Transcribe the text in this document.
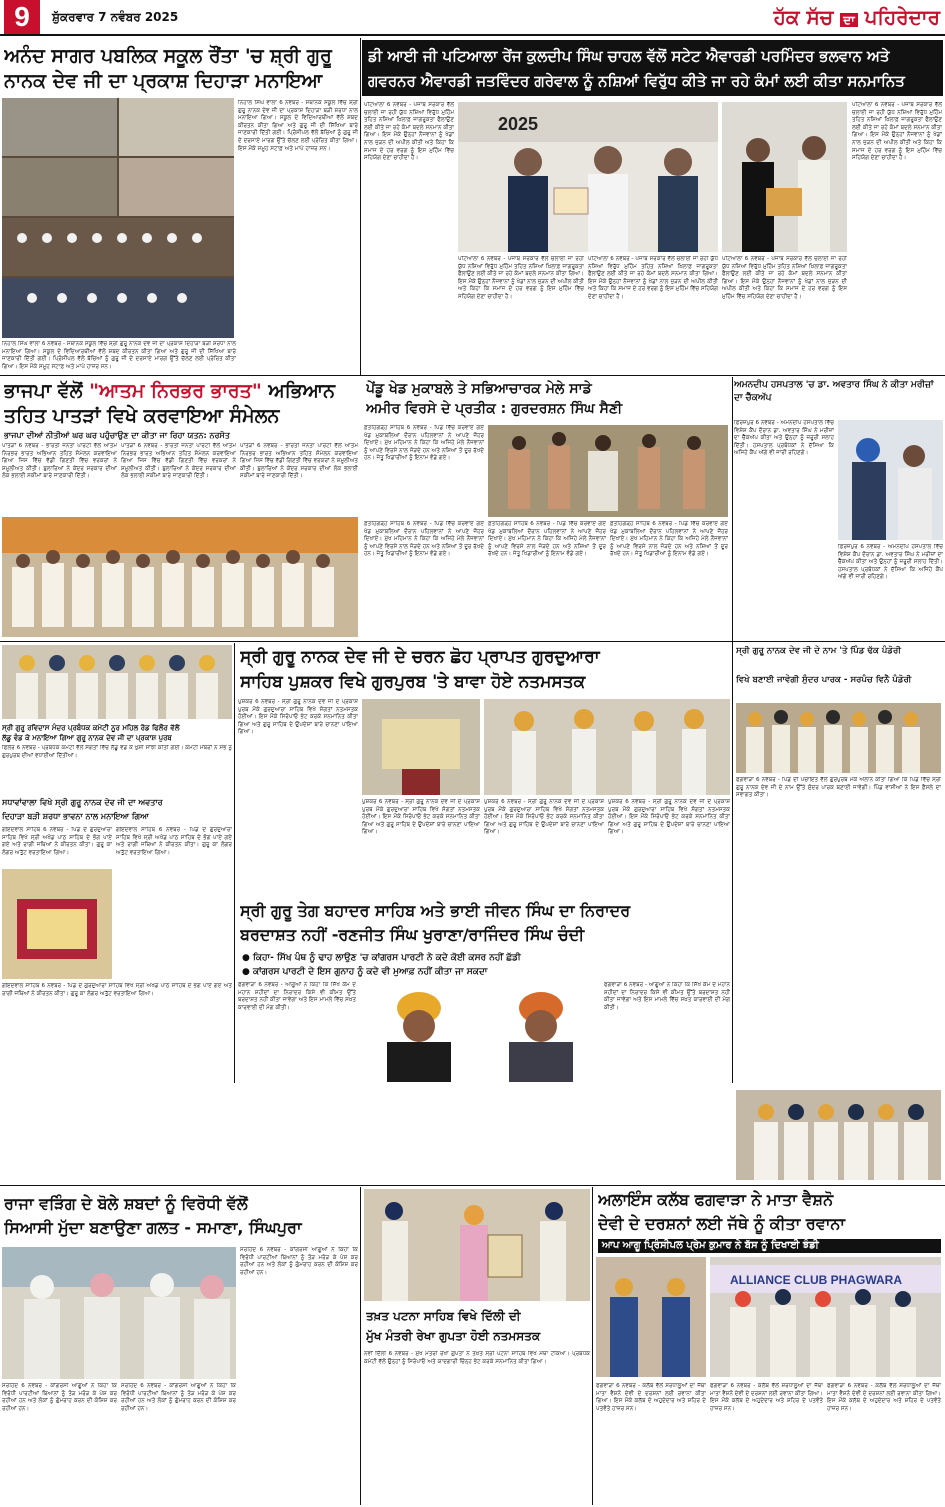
9	ਸ਼ੁੱਕਰਵਾਰ 7 ਨਵੰਬਰ 2025	ਹੱਕ ਸੱਚ ਦਾ ਪਹਿਰੇਦਾਰ
ਅਨੰਦ ਸਾਗਰ ਪਬਲਿਕ ਸਕੂਲ ਰੌਂਤਾ 'ਚ ਸ਼੍ਰੀ ਗੁਰੂ
ਨਾਨਕ ਦੇਵ ਜੀ ਦਾ ਪ੍ਰਕਾਸ਼ ਦਿਹਾੜਾ ਮਨਾਇਆ
ਨਿਹਾਲ ਸਿੰਘ ਵਾਲਾ 6 ਨਵੰਬਰ - ਸਥਾਨਕ ਸਕੂਲ ਵਿੱਚ ਸ਼੍ਰੀ ਗੁਰੂ ਨਾਨਕ ਦੇਵ ਜੀ ਦਾ ਪ੍ਰਕਾਸ਼ ਦਿਹਾੜਾ ਬੜੀ ਸ਼ਰਧਾ ਨਾਲ ਮਨਾਇਆ ਗਿਆ। ਸਕੂਲ ਦੇ ਵਿਦਿਆਰਥੀਆਂ ਵੱਲੋਂ ਸ਼ਬਦ ਕੀਰਤਨ ਕੀਤਾ ਗਿਆ ਅਤੇ ਗੁਰੂ ਜੀ ਦੀ ਸਿੱਖਿਆ ਬਾਰੇ ਜਾਣਕਾਰੀ ਦਿੱਤੀ ਗਈ। ਪ੍ਰਿੰਸੀਪਲ ਵੱਲੋਂ ਬੱਚਿਆਂ ਨੂੰ ਗੁਰੂ ਜੀ ਦੇ ਦਰਸਾਏ ਮਾਰਗ ਉੱਤੇ ਚੱਲਣ ਲਈ ਪ੍ਰੇਰਿਤ ਕੀਤਾ ਗਿਆ। ਇਸ ਮੌਕੇ ਸਮੂਹ ਸਟਾਫ਼ ਅਤੇ ਮਾਪੇ ਹਾਜ਼ਰ ਸਨ।
ਨਿਹਾਲ ਸਿੰਘ ਵਾਲਾ 6 ਨਵੰਬਰ - ਸਥਾਨਕ ਸਕੂਲ ਵਿੱਚ ਸ਼੍ਰੀ ਗੁਰੂ ਨਾਨਕ ਦੇਵ ਜੀ ਦਾ ਪ੍ਰਕਾਸ਼ ਦਿਹਾੜਾ ਬੜੀ ਸ਼ਰਧਾ ਨਾਲ ਮਨਾਇਆ ਗਿਆ। ਸਕੂਲ ਦੇ ਵਿਦਿਆਰਥੀਆਂ ਵੱਲੋਂ ਸ਼ਬਦ ਕੀਰਤਨ ਕੀਤਾ ਗਿਆ ਅਤੇ ਗੁਰੂ ਜੀ ਦੀ ਸਿੱਖਿਆ ਬਾਰੇ ਜਾਣਕਾਰੀ ਦਿੱਤੀ ਗਈ। ਪ੍ਰਿੰਸੀਪਲ ਵੱਲੋਂ ਬੱਚਿਆਂ ਨੂੰ ਗੁਰੂ ਜੀ ਦੇ ਦਰਸਾਏ ਮਾਰਗ ਉੱਤੇ ਚੱਲਣ ਲਈ ਪ੍ਰੇਰਿਤ ਕੀਤਾ ਗਿਆ। ਇਸ ਮੌਕੇ ਸਮੂਹ ਸਟਾਫ਼ ਅਤੇ ਮਾਪੇ ਹਾਜ਼ਰ ਸਨ।
ਡੀ ਆਈ ਜੀ ਪਟਿਆਲਾ ਰੇਂਜ ਕੁਲਦੀਪ ਸਿੰਘ ਚਾਹਲ ਵੱਲੋਂ ਸਟੇਟ ਐਵਾਰਡੀ ਪਰਮਿੰਦਰ ਭਲਵਾਨ ਅਤੇ
ਗਵਰਨਰ ਐਵਾਰਡੀ ਜਤਵਿੰਦਰ ਗਰੇਵਾਲ ਨੂੰ ਨਸ਼ਿਆਂ ਵਿਰੁੱਧ ਕੀਤੇ ਜਾ ਰਹੇ ਕੰਮਾਂ ਲਈ ਕੀਤਾ ਸਨਮਾਨਿਤ
ਪਟਿਆਲਾ 6 ਨਵੰਬਰ - ਪੰਜਾਬ ਸਰਕਾਰ ਵੱਲੋਂ ਚਲਾਈ ਜਾ ਰਹੀ ਯੁੱਧ ਨਸ਼ਿਆਂ ਵਿਰੁੱਧ ਮੁਹਿੰਮ ਤਹਿਤ ਨਸ਼ਿਆਂ ਖ਼ਿਲਾਫ਼ ਜਾਗਰੂਕਤਾ ਫੈਲਾਉਣ ਲਈ ਕੀਤੇ ਜਾ ਰਹੇ ਕੰਮਾਂ ਬਦਲੇ ਸਨਮਾਨ ਕੀਤਾ ਗਿਆ। ਇਸ ਮੌਕੇ ਉਨ੍ਹਾਂ ਨੌਜਵਾਨਾਂ ਨੂੰ ਖੇਡਾਂ ਨਾਲ ਜੁੜਨ ਦੀ ਅਪੀਲ ਕੀਤੀ ਅਤੇ ਕਿਹਾ ਕਿ ਸਮਾਜ ਦੇ ਹਰ ਵਰਗ ਨੂੰ ਇਸ ਮੁਹਿੰਮ ਵਿੱਚ ਸਹਿਯੋਗ ਦੇਣਾ ਚਾਹੀਦਾ ਹੈ।
2025
ਪਟਿਆਲਾ 6 ਨਵੰਬਰ - ਪੰਜਾਬ ਸਰਕਾਰ ਵੱਲੋਂ ਚਲਾਈ ਜਾ ਰਹੀ ਯੁੱਧ ਨਸ਼ਿਆਂ ਵਿਰੁੱਧ ਮੁਹਿੰਮ ਤਹਿਤ ਨਸ਼ਿਆਂ ਖ਼ਿਲਾਫ਼ ਜਾਗਰੂਕਤਾ ਫੈਲਾਉਣ ਲਈ ਕੀਤੇ ਜਾ ਰਹੇ ਕੰਮਾਂ ਬਦਲੇ ਸਨਮਾਨ ਕੀਤਾ ਗਿਆ। ਇਸ ਮੌਕੇ ਉਨ੍ਹਾਂ ਨੌਜਵਾਨਾਂ ਨੂੰ ਖੇਡਾਂ ਨਾਲ ਜੁੜਨ ਦੀ ਅਪੀਲ ਕੀਤੀ ਅਤੇ ਕਿਹਾ ਕਿ ਸਮਾਜ ਦੇ ਹਰ ਵਰਗ ਨੂੰ ਇਸ ਮੁਹਿੰਮ ਵਿੱਚ ਸਹਿਯੋਗ ਦੇਣਾ ਚਾਹੀਦਾ ਹੈ।
ਪਟਿਆਲਾ 6 ਨਵੰਬਰ - ਪੰਜਾਬ ਸਰਕਾਰ ਵੱਲੋਂ ਚਲਾਈ ਜਾ ਰਹੀ ਯੁੱਧ ਨਸ਼ਿਆਂ ਵਿਰੁੱਧ ਮੁਹਿੰਮ ਤਹਿਤ ਨਸ਼ਿਆਂ ਖ਼ਿਲਾਫ਼ ਜਾਗਰੂਕਤਾ ਫੈਲਾਉਣ ਲਈ ਕੀਤੇ ਜਾ ਰਹੇ ਕੰਮਾਂ ਬਦਲੇ ਸਨਮਾਨ ਕੀਤਾ ਗਿਆ। ਇਸ ਮੌਕੇ ਉਨ੍ਹਾਂ ਨੌਜਵਾਨਾਂ ਨੂੰ ਖੇਡਾਂ ਨਾਲ ਜੁੜਨ ਦੀ ਅਪੀਲ ਕੀਤੀ ਅਤੇ ਕਿਹਾ ਕਿ ਸਮਾਜ ਦੇ ਹਰ ਵਰਗ ਨੂੰ ਇਸ ਮੁਹਿੰਮ ਵਿੱਚ ਸਹਿਯੋਗ ਦੇਣਾ ਚਾਹੀਦਾ ਹੈ।
ਪਟਿਆਲਾ 6 ਨਵੰਬਰ - ਪੰਜਾਬ ਸਰਕਾਰ ਵੱਲੋਂ ਚਲਾਈ ਜਾ ਰਹੀ ਯੁੱਧ ਨਸ਼ਿਆਂ ਵਿਰੁੱਧ ਮੁਹਿੰਮ ਤਹਿਤ ਨਸ਼ਿਆਂ ਖ਼ਿਲਾਫ਼ ਜਾਗਰੂਕਤਾ ਫੈਲਾਉਣ ਲਈ ਕੀਤੇ ਜਾ ਰਹੇ ਕੰਮਾਂ ਬਦਲੇ ਸਨਮਾਨ ਕੀਤਾ ਗਿਆ। ਇਸ ਮੌਕੇ ਉਨ੍ਹਾਂ ਨੌਜਵਾਨਾਂ ਨੂੰ ਖੇਡਾਂ ਨਾਲ ਜੁੜਨ ਦੀ ਅਪੀਲ ਕੀਤੀ ਅਤੇ ਕਿਹਾ ਕਿ ਸਮਾਜ ਦੇ ਹਰ ਵਰਗ ਨੂੰ ਇਸ ਮੁਹਿੰਮ ਵਿੱਚ ਸਹਿਯੋਗ ਦੇਣਾ ਚਾਹੀਦਾ ਹੈ।
ਪਟਿਆਲਾ 6 ਨਵੰਬਰ - ਪੰਜਾਬ ਸਰਕਾਰ ਵੱਲੋਂ ਚਲਾਈ ਜਾ ਰਹੀ ਯੁੱਧ ਨਸ਼ਿਆਂ ਵਿਰੁੱਧ ਮੁਹਿੰਮ ਤਹਿਤ ਨਸ਼ਿਆਂ ਖ਼ਿਲਾਫ਼ ਜਾਗਰੂਕਤਾ ਫੈਲਾਉਣ ਲਈ ਕੀਤੇ ਜਾ ਰਹੇ ਕੰਮਾਂ ਬਦਲੇ ਸਨਮਾਨ ਕੀਤਾ ਗਿਆ। ਇਸ ਮੌਕੇ ਉਨ੍ਹਾਂ ਨੌਜਵਾਨਾਂ ਨੂੰ ਖੇਡਾਂ ਨਾਲ ਜੁੜਨ ਦੀ ਅਪੀਲ ਕੀਤੀ ਅਤੇ ਕਿਹਾ ਕਿ ਸਮਾਜ ਦੇ ਹਰ ਵਰਗ ਨੂੰ ਇਸ ਮੁਹਿੰਮ ਵਿੱਚ ਸਹਿਯੋਗ ਦੇਣਾ ਚਾਹੀਦਾ ਹੈ।
ਭਾਜਪਾ ਵੱਲੋਂ "ਆਤਮ ਨਿਰਭਰ ਭਾਰਤ" ਅਭਿਆਨ
ਤਹਿਤ ਪਾਤੜਾਂ ਵਿਖੇ ਕਰਵਾਇਆ ਸੰਮੇਲਨ
ਭਾਜਪਾ ਦੀਆਂ ਨੀਤੀਆਂ ਘਰ ਘਰ ਪਹੁੰਚਾਉਣ ਦਾ ਕੀਤਾ ਜਾ ਰਿਹਾ ਯਤਨ: ਨਰਸੋਤ
ਪਾਤੜਾਂ 6 ਨਵੰਬਰ - ਭਾਰਤੀ ਜਨਤਾ ਪਾਰਟੀ ਵੱਲੋਂ ਆਤਮ ਨਿਰਭਰ ਭਾਰਤ ਅਭਿਆਨ ਤਹਿਤ ਸੰਮੇਲਨ ਕਰਵਾਇਆ ਗਿਆ ਜਿਸ ਵਿੱਚ ਵੱਡੀ ਗਿਣਤੀ ਵਿੱਚ ਵਰਕਰਾਂ ਨੇ ਸ਼ਮੂਲੀਅਤ ਕੀਤੀ। ਬੁਲਾਰਿਆਂ ਨੇ ਕੇਂਦਰ ਸਰਕਾਰ ਦੀਆਂ ਲੋਕ ਭਲਾਈ ਸਕੀਮਾਂ ਬਾਰੇ ਜਾਣਕਾਰੀ ਦਿੱਤੀ।
ਪਾਤੜਾਂ 6 ਨਵੰਬਰ - ਭਾਰਤੀ ਜਨਤਾ ਪਾਰਟੀ ਵੱਲੋਂ ਆਤਮ ਨਿਰਭਰ ਭਾਰਤ ਅਭਿਆਨ ਤਹਿਤ ਸੰਮੇਲਨ ਕਰਵਾਇਆ ਗਿਆ ਜਿਸ ਵਿੱਚ ਵੱਡੀ ਗਿਣਤੀ ਵਿੱਚ ਵਰਕਰਾਂ ਨੇ ਸ਼ਮੂਲੀਅਤ ਕੀਤੀ। ਬੁਲਾਰਿਆਂ ਨੇ ਕੇਂਦਰ ਸਰਕਾਰ ਦੀਆਂ ਲੋਕ ਭਲਾਈ ਸਕੀਮਾਂ ਬਾਰੇ ਜਾਣਕਾਰੀ ਦਿੱਤੀ।
ਪਾਤੜਾਂ 6 ਨਵੰਬਰ - ਭਾਰਤੀ ਜਨਤਾ ਪਾਰਟੀ ਵੱਲੋਂ ਆਤਮ ਨਿਰਭਰ ਭਾਰਤ ਅਭਿਆਨ ਤਹਿਤ ਸੰਮੇਲਨ ਕਰਵਾਇਆ ਗਿਆ ਜਿਸ ਵਿੱਚ ਵੱਡੀ ਗਿਣਤੀ ਵਿੱਚ ਵਰਕਰਾਂ ਨੇ ਸ਼ਮੂਲੀਅਤ ਕੀਤੀ। ਬੁਲਾਰਿਆਂ ਨੇ ਕੇਂਦਰ ਸਰਕਾਰ ਦੀਆਂ ਲੋਕ ਭਲਾਈ ਸਕੀਮਾਂ ਬਾਰੇ ਜਾਣਕਾਰੀ ਦਿੱਤੀ।
ਪੇਂਡੂ ਖੇਡ ਮੁਕਾਬਲੇ ਤੇ ਸਭਿਆਚਾਰਕ ਮੇਲੇ ਸਾਡੇ
ਅਮੀਰ ਵਿਰਸੇ ਦੇ ਪ੍ਰਤੀਕ : ਗੁਰਦਰਸ਼ਨ ਸਿੰਘ ਸੈਣੀ
ਫ਼ਤਹਿਗੜ੍ਹ ਸਾਹਿਬ 6 ਨਵੰਬਰ - ਪਿੰਡ ਵਿੱਚ ਕਰਵਾਏ ਗਏ ਖੇਡ ਮੁਕਾਬਲਿਆਂ ਦੌਰਾਨ ਪਹਿਲਵਾਨਾਂ ਨੇ ਆਪਣੇ ਜੌਹਰ ਦਿਖਾਏ। ਮੁੱਖ ਮਹਿਮਾਨ ਨੇ ਕਿਹਾ ਕਿ ਅਜਿਹੇ ਮੇਲੇ ਨੌਜਵਾਨਾਂ ਨੂੰ ਆਪਣੇ ਵਿਰਸੇ ਨਾਲ ਜੋੜਦੇ ਹਨ ਅਤੇ ਨਸ਼ਿਆਂ ਤੋਂ ਦੂਰ ਰੱਖਦੇ ਹਨ। ਜੇਤੂ ਖਿਡਾਰੀਆਂ ਨੂੰ ਇਨਾਮ ਵੰਡੇ ਗਏ।
ਫ਼ਤਹਿਗੜ੍ਹ ਸਾਹਿਬ 6 ਨਵੰਬਰ - ਪਿੰਡ ਵਿੱਚ ਕਰਵਾਏ ਗਏ ਖੇਡ ਮੁਕਾਬਲਿਆਂ ਦੌਰਾਨ ਪਹਿਲਵਾਨਾਂ ਨੇ ਆਪਣੇ ਜੌਹਰ ਦਿਖਾਏ। ਮੁੱਖ ਮਹਿਮਾਨ ਨੇ ਕਿਹਾ ਕਿ ਅਜਿਹੇ ਮੇਲੇ ਨੌਜਵਾਨਾਂ ਨੂੰ ਆਪਣੇ ਵਿਰਸੇ ਨਾਲ ਜੋੜਦੇ ਹਨ ਅਤੇ ਨਸ਼ਿਆਂ ਤੋਂ ਦੂਰ ਰੱਖਦੇ ਹਨ। ਜੇਤੂ ਖਿਡਾਰੀਆਂ ਨੂੰ ਇਨਾਮ ਵੰਡੇ ਗਏ।
ਫ਼ਤਹਿਗੜ੍ਹ ਸਾਹਿਬ 6 ਨਵੰਬਰ - ਪਿੰਡ ਵਿੱਚ ਕਰਵਾਏ ਗਏ ਖੇਡ ਮੁਕਾਬਲਿਆਂ ਦੌਰਾਨ ਪਹਿਲਵਾਨਾਂ ਨੇ ਆਪਣੇ ਜੌਹਰ ਦਿਖਾਏ। ਮੁੱਖ ਮਹਿਮਾਨ ਨੇ ਕਿਹਾ ਕਿ ਅਜਿਹੇ ਮੇਲੇ ਨੌਜਵਾਨਾਂ ਨੂੰ ਆਪਣੇ ਵਿਰਸੇ ਨਾਲ ਜੋੜਦੇ ਹਨ ਅਤੇ ਨਸ਼ਿਆਂ ਤੋਂ ਦੂਰ ਰੱਖਦੇ ਹਨ। ਜੇਤੂ ਖਿਡਾਰੀਆਂ ਨੂੰ ਇਨਾਮ ਵੰਡੇ ਗਏ।
ਫ਼ਤਹਿਗੜ੍ਹ ਸਾਹਿਬ 6 ਨਵੰਬਰ - ਪਿੰਡ ਵਿੱਚ ਕਰਵਾਏ ਗਏ ਖੇਡ ਮੁਕਾਬਲਿਆਂ ਦੌਰਾਨ ਪਹਿਲਵਾਨਾਂ ਨੇ ਆਪਣੇ ਜੌਹਰ ਦਿਖਾਏ। ਮੁੱਖ ਮਹਿਮਾਨ ਨੇ ਕਿਹਾ ਕਿ ਅਜਿਹੇ ਮੇਲੇ ਨੌਜਵਾਨਾਂ ਨੂੰ ਆਪਣੇ ਵਿਰਸੇ ਨਾਲ ਜੋੜਦੇ ਹਨ ਅਤੇ ਨਸ਼ਿਆਂ ਤੋਂ ਦੂਰ ਰੱਖਦੇ ਹਨ। ਜੇਤੂ ਖਿਡਾਰੀਆਂ ਨੂੰ ਇਨਾਮ ਵੰਡੇ ਗਏ।
ਅਮਨਦੀਪ ਹਸਪਤਾਲ 'ਚ ਡਾ. ਅਵਤਾਰ ਸਿੰਘ ਨੇ ਕੀਤਾ ਮਰੀਜ਼ਾਂ ਦਾ ਚੈੱਕਅੱਪ
ਫ਼ਿਰੋਜ਼ਪੁਰ 6 ਨਵੰਬਰ - ਅਮਨਦੀਪ ਹਸਪਤਾਲ ਵਿੱਚ ਵਿਸ਼ੇਸ਼ ਕੈਂਪ ਦੌਰਾਨ ਡਾ. ਅਵਤਾਰ ਸਿੰਘ ਨੇ ਮਰੀਜ਼ਾਂ ਦਾ ਚੈੱਕਅੱਪ ਕੀਤਾ ਅਤੇ ਉਨ੍ਹਾਂ ਨੂੰ ਜ਼ਰੂਰੀ ਸਲਾਹ ਦਿੱਤੀ। ਹਸਪਤਾਲ ਪ੍ਰਬੰਧਕਾਂ ਨੇ ਦੱਸਿਆ ਕਿ ਅਜਿਹੇ ਕੈਂਪ ਅੱਗੇ ਵੀ ਜਾਰੀ ਰਹਿਣਗੇ।
ਫ਼ਿਰੋਜ਼ਪੁਰ 6 ਨਵੰਬਰ - ਅਮਨਦੀਪ ਹਸਪਤਾਲ ਵਿੱਚ ਵਿਸ਼ੇਸ਼ ਕੈਂਪ ਦੌਰਾਨ ਡਾ. ਅਵਤਾਰ ਸਿੰਘ ਨੇ ਮਰੀਜ਼ਾਂ ਦਾ ਚੈੱਕਅੱਪ ਕੀਤਾ ਅਤੇ ਉਨ੍ਹਾਂ ਨੂੰ ਜ਼ਰੂਰੀ ਸਲਾਹ ਦਿੱਤੀ। ਹਸਪਤਾਲ ਪ੍ਰਬੰਧਕਾਂ ਨੇ ਦੱਸਿਆ ਕਿ ਅਜਿਹੇ ਕੈਂਪ ਅੱਗੇ ਵੀ ਜਾਰੀ ਰਹਿਣਗੇ।
ਸ੍ਰੀ ਗੁਰੂ ਨਾਨਕ ਦੇਵ ਜੀ ਦੇ ਚਰਨ ਛੋਹ ਪ੍ਰਾਪਤ ਗੁਰਦੁਆਰਾ
ਸਾਹਿਬ ਪੁਸ਼ਕਰ ਵਿਖੇ ਗੁਰਪੁਰਬ 'ਤੇ ਬਾਵਾ ਹੋਏ ਨਤਮਸਤਕ
ਪੁਸ਼ਕਰ 6 ਨਵੰਬਰ - ਸ੍ਰੀ ਗੁਰੂ ਨਾਨਕ ਦੇਵ ਜੀ ਦੇ ਪ੍ਰਕਾਸ਼ ਪੁਰਬ ਮੌਕੇ ਗੁਰਦੁਆਰਾ ਸਾਹਿਬ ਵਿਖੇ ਸੰਗਤਾਂ ਨਤਮਸਤਕ ਹੋਈਆਂ। ਇਸ ਮੌਕੇ ਸਿਰੋਪਾਓ ਭੇਟ ਕਰਕੇ ਸਨਮਾਨਿਤ ਕੀਤਾ ਗਿਆ ਅਤੇ ਗੁਰੂ ਸਾਹਿਬ ਦੇ ਉਪਦੇਸ਼ਾਂ ਬਾਰੇ ਚਾਨਣਾ ਪਾਇਆ ਗਿਆ।
ਪੁਸ਼ਕਰ 6 ਨਵੰਬਰ - ਸ੍ਰੀ ਗੁਰੂ ਨਾਨਕ ਦੇਵ ਜੀ ਦੇ ਪ੍ਰਕਾਸ਼ ਪੁਰਬ ਮੌਕੇ ਗੁਰਦੁਆਰਾ ਸਾਹਿਬ ਵਿਖੇ ਸੰਗਤਾਂ ਨਤਮਸਤਕ ਹੋਈਆਂ। ਇਸ ਮੌਕੇ ਸਿਰੋਪਾਓ ਭੇਟ ਕਰਕੇ ਸਨਮਾਨਿਤ ਕੀਤਾ ਗਿਆ ਅਤੇ ਗੁਰੂ ਸਾਹਿਬ ਦੇ ਉਪਦੇਸ਼ਾਂ ਬਾਰੇ ਚਾਨਣਾ ਪਾਇਆ ਗਿਆ।
ਪੁਸ਼ਕਰ 6 ਨਵੰਬਰ - ਸ੍ਰੀ ਗੁਰੂ ਨਾਨਕ ਦੇਵ ਜੀ ਦੇ ਪ੍ਰਕਾਸ਼ ਪੁਰਬ ਮੌਕੇ ਗੁਰਦੁਆਰਾ ਸਾਹਿਬ ਵਿਖੇ ਸੰਗਤਾਂ ਨਤਮਸਤਕ ਹੋਈਆਂ। ਇਸ ਮੌਕੇ ਸਿਰੋਪਾਓ ਭੇਟ ਕਰਕੇ ਸਨਮਾਨਿਤ ਕੀਤਾ ਗਿਆ ਅਤੇ ਗੁਰੂ ਸਾਹਿਬ ਦੇ ਉਪਦੇਸ਼ਾਂ ਬਾਰੇ ਚਾਨਣਾ ਪਾਇਆ ਗਿਆ।
ਪੁਸ਼ਕਰ 6 ਨਵੰਬਰ - ਸ੍ਰੀ ਗੁਰੂ ਨਾਨਕ ਦੇਵ ਜੀ ਦੇ ਪ੍ਰਕਾਸ਼ ਪੁਰਬ ਮੌਕੇ ਗੁਰਦੁਆਰਾ ਸਾਹਿਬ ਵਿਖੇ ਸੰਗਤਾਂ ਨਤਮਸਤਕ ਹੋਈਆਂ। ਇਸ ਮੌਕੇ ਸਿਰੋਪਾਓ ਭੇਟ ਕਰਕੇ ਸਨਮਾਨਿਤ ਕੀਤਾ ਗਿਆ ਅਤੇ ਗੁਰੂ ਸਾਹਿਬ ਦੇ ਉਪਦੇਸ਼ਾਂ ਬਾਰੇ ਚਾਨਣਾ ਪਾਇਆ ਗਿਆ।
ਸ੍ਰੀ ਗੁਰੂ ਨਾਨਕ ਦੇਵ ਜੀ ਦੇ ਨਾਮ 'ਤੇ ਪਿੰਡ ਢੱਕ ਪੰਡੋਰੀ
ਵਿਖੇ ਬਣਾਈ ਜਾਵੇਗੀ ਸੁੰਦਰ ਪਾਰਕ - ਸਰਪੰਚ ਵਿਨੈ ਪੰਡੋਰੀ
ਫਗਵਾੜਾ 6 ਨਵੰਬਰ - ਪਿੰਡ ਦੀ ਪੰਚਾਇਤ ਵੱਲੋਂ ਗੁਰਪੁਰਬ ਮੌਕੇ ਐਲਾਨ ਕੀਤਾ ਗਿਆ ਕਿ ਪਿੰਡ ਵਿੱਚ ਸ੍ਰੀ ਗੁਰੂ ਨਾਨਕ ਦੇਵ ਜੀ ਦੇ ਨਾਮ ਉੱਤੇ ਸੁੰਦਰ ਪਾਰਕ ਬਣਾਈ ਜਾਵੇਗੀ। ਪਿੰਡ ਵਾਸੀਆਂ ਨੇ ਇਸ ਫ਼ੈਸਲੇ ਦਾ ਸਵਾਗਤ ਕੀਤਾ।
ਸ੍ਰੀ ਗੁਰੂ ਰਵਿਦਾਸ ਮੰਦਰ ਪ੍ਰਬੰਧਕ ਕਮੇਟੀ ਨੂਰ ਮਹਿਲ ਰੋਡ ਫਿਲੌਰ ਵੱਲੋਂ
ਲੱਡੂ ਵੰਡ ਕੇ ਮਨਾਇਆ ਗਿਆ ਗੁਰੂ ਨਾਨਕ ਦੇਵ ਜੀ ਦਾ ਪ੍ਰਕਾਸ਼ ਪੁਰਬ
ਫਿਲੌਰ 6 ਨਵੰਬਰ - ਪ੍ਰਬੰਧਕ ਕਮੇਟੀ ਵੱਲੋਂ ਸੰਗਤਾਂ ਵਿੱਚ ਲੱਡੂ ਵੰਡ ਕੇ ਖੁਸ਼ੀ ਸਾਂਝੀ ਕੀਤੀ ਗਈ। ਕਮੇਟੀ ਮੈਂਬਰਾਂ ਨੇ ਸਭ ਨੂੰ ਗੁਰਪੁਰਬ ਦੀਆਂ ਵਧਾਈਆਂ ਦਿੱਤੀਆਂ।
ਸਧਾਵਾਂਵਾਲਾ ਵਿਖੇ ਸ੍ਰੀ ਗੁਰੂ ਨਾਨਕ ਦੇਵ ਜੀ ਦਾ ਅਵਤਾਰ
ਦਿਹਾੜਾ ਬੜੀ ਸ਼ਰਧਾ ਭਾਵਨਾ ਨਾਲ ਮਨਾਇਆ ਗਿਆ
ਗੋਇੰਦਵਾਲ ਸਾਹਿਬ 6 ਨਵੰਬਰ - ਪਿੰਡ ਦੇ ਗੁਰਦੁਆਰਾ ਸਾਹਿਬ ਵਿਖੇ ਸ੍ਰੀ ਅਖੰਡ ਪਾਠ ਸਾਹਿਬ ਦੇ ਭੋਗ ਪਾਏ ਗਏ ਅਤੇ ਰਾਗੀ ਜਥਿਆਂ ਨੇ ਕੀਰਤਨ ਕੀਤਾ। ਗੁਰੂ ਕਾ ਲੰਗਰ ਅਤੁੱਟ ਵਰਤਾਇਆ ਗਿਆ।
ਗੋਇੰਦਵਾਲ ਸਾਹਿਬ 6 ਨਵੰਬਰ - ਪਿੰਡ ਦੇ ਗੁਰਦੁਆਰਾ ਸਾਹਿਬ ਵਿਖੇ ਸ੍ਰੀ ਅਖੰਡ ਪਾਠ ਸਾਹਿਬ ਦੇ ਭੋਗ ਪਾਏ ਗਏ ਅਤੇ ਰਾਗੀ ਜਥਿਆਂ ਨੇ ਕੀਰਤਨ ਕੀਤਾ। ਗੁਰੂ ਕਾ ਲੰਗਰ ਅਤੁੱਟ ਵਰਤਾਇਆ ਗਿਆ।
ਗੋਇੰਦਵਾਲ ਸਾਹਿਬ 6 ਨਵੰਬਰ - ਪਿੰਡ ਦੇ ਗੁਰਦੁਆਰਾ ਸਾਹਿਬ ਵਿਖੇ ਸ੍ਰੀ ਅਖੰਡ ਪਾਠ ਸਾਹਿਬ ਦੇ ਭੋਗ ਪਾਏ ਗਏ ਅਤੇ ਰਾਗੀ ਜਥਿਆਂ ਨੇ ਕੀਰਤਨ ਕੀਤਾ। ਗੁਰੂ ਕਾ ਲੰਗਰ ਅਤੁੱਟ ਵਰਤਾਇਆ ਗਿਆ।
ਸ੍ਰੀ ਗੁਰੂ ਤੇਗ ਬਹਾਦਰ ਸਾਹਿਬ ਅਤੇ ਭਾਈ ਜੀਵਨ ਸਿੰਘ ਦਾ ਨਿਰਾਦਰ
ਬਰਦਾਸ਼ਤ ਨਹੀਂ -ਰਣਜੀਤ ਸਿੰਘ ਖੁਰਾਣਾ/ਰਾਜਿੰਦਰ ਸਿੰਘ ਚੰਦੀ
● ਕਿਹਾ- ਸਿੱਖ ਪੰਥ ਨੂੰ ਢਾਹ ਲਾਉਣ 'ਚ ਕਾਂਗਰਸ ਪਾਰਟੀ ਨੇ ਕਦੇ ਕੋਈ ਕਸਰ ਨਹੀਂ ਛੱਡੀ
● ਕਾਂਗਰਸ ਪਾਰਟੀ ਦੇ ਇਸ ਗੁਨਾਹ ਨੂੰ ਕਦੇ ਵੀ ਮੁਆਫ਼ ਨਹੀਂ ਕੀਤਾ ਜਾ ਸਕਦਾ
ਫਗਵਾੜਾ 6 ਨਵੰਬਰ - ਆਗੂਆਂ ਨੇ ਕਿਹਾ ਕਿ ਸਿੱਖ ਕੌਮ ਦੇ ਮਹਾਨ ਸ਼ਹੀਦਾਂ ਦਾ ਨਿਰਾਦਰ ਕਿਸੇ ਵੀ ਕੀਮਤ ਉੱਤੇ ਬਰਦਾਸ਼ਤ ਨਹੀਂ ਕੀਤਾ ਜਾਵੇਗਾ ਅਤੇ ਇਸ ਮਾਮਲੇ ਵਿੱਚ ਸਖ਼ਤ ਕਾਰਵਾਈ ਦੀ ਮੰਗ ਕੀਤੀ।
ਫਗਵਾੜਾ 6 ਨਵੰਬਰ - ਆਗੂਆਂ ਨੇ ਕਿਹਾ ਕਿ ਸਿੱਖ ਕੌਮ ਦੇ ਮਹਾਨ ਸ਼ਹੀਦਾਂ ਦਾ ਨਿਰਾਦਰ ਕਿਸੇ ਵੀ ਕੀਮਤ ਉੱਤੇ ਬਰਦਾਸ਼ਤ ਨਹੀਂ ਕੀਤਾ ਜਾਵੇਗਾ ਅਤੇ ਇਸ ਮਾਮਲੇ ਵਿੱਚ ਸਖ਼ਤ ਕਾਰਵਾਈ ਦੀ ਮੰਗ ਕੀਤੀ।
ਰਾਜਾ ਵੜਿੰਗ ਦੇ ਬੋਲੇ ਸ਼ਬਦਾਂ ਨੂੰ ਵਿਰੋਧੀ ਵੱਲੋਂ
ਸਿਆਸੀ ਮੁੱਦਾ ਬਣਾਉਣਾ ਗਲਤ - ਸਮਾਣਾ, ਸਿੰਘਪੁਰਾ
ਸਰਹਿੰਦ 6 ਨਵੰਬਰ - ਕਾਂਗਰਸੀ ਆਗੂਆਂ ਨੇ ਕਿਹਾ ਕਿ ਵਿਰੋਧੀ ਪਾਰਟੀਆਂ ਬਿਆਨਾਂ ਨੂੰ ਤੋੜ ਮਰੋੜ ਕੇ ਪੇਸ਼ ਕਰ ਰਹੀਆਂ ਹਨ ਅਤੇ ਲੋਕਾਂ ਨੂੰ ਗੁੰਮਰਾਹ ਕਰਨ ਦੀ ਕੋਸ਼ਿਸ਼ ਕਰ ਰਹੀਆਂ ਹਨ।
ਸਰਹਿੰਦ 6 ਨਵੰਬਰ - ਕਾਂਗਰਸੀ ਆਗੂਆਂ ਨੇ ਕਿਹਾ ਕਿ ਵਿਰੋਧੀ ਪਾਰਟੀਆਂ ਬਿਆਨਾਂ ਨੂੰ ਤੋੜ ਮਰੋੜ ਕੇ ਪੇਸ਼ ਕਰ ਰਹੀਆਂ ਹਨ ਅਤੇ ਲੋਕਾਂ ਨੂੰ ਗੁੰਮਰਾਹ ਕਰਨ ਦੀ ਕੋਸ਼ਿਸ਼ ਕਰ ਰਹੀਆਂ ਹਨ।
ਸਰਹਿੰਦ 6 ਨਵੰਬਰ - ਕਾਂਗਰਸੀ ਆਗੂਆਂ ਨੇ ਕਿਹਾ ਕਿ ਵਿਰੋਧੀ ਪਾਰਟੀਆਂ ਬਿਆਨਾਂ ਨੂੰ ਤੋੜ ਮਰੋੜ ਕੇ ਪੇਸ਼ ਕਰ ਰਹੀਆਂ ਹਨ ਅਤੇ ਲੋਕਾਂ ਨੂੰ ਗੁੰਮਰਾਹ ਕਰਨ ਦੀ ਕੋਸ਼ਿਸ਼ ਕਰ ਰਹੀਆਂ ਹਨ।
ਤਖ਼ਤ ਪਟਨਾ ਸਾਹਿਬ ਵਿਖੇ ਦਿੱਲੀ ਦੀ
ਮੁੱਖ ਮੰਤਰੀ ਰੇਖਾ ਗੁਪਤਾ ਹੋਈ ਨਤਮਸਤਕ
ਨਵੀਂ ਦਿੱਲੀ 6 ਨਵੰਬਰ - ਮੁੱਖ ਮੰਤਰੀ ਰੇਖਾ ਗੁਪਤਾ ਨੇ ਤਖ਼ਤ ਸ੍ਰੀ ਪਟਨਾ ਸਾਹਿਬ ਵਿਖੇ ਮੱਥਾ ਟੇਕਿਆ। ਪ੍ਰਬੰਧਕ ਕਮੇਟੀ ਵੱਲੋਂ ਉਨ੍ਹਾਂ ਨੂੰ ਸਿਰੋਪਾਓ ਅਤੇ ਯਾਦਗਾਰੀ ਚਿੰਨ੍ਹ ਭੇਟ ਕਰਕੇ ਸਨਮਾਨਿਤ ਕੀਤਾ ਗਿਆ।
ਅਲਾਇੰਸ ਕਲੱਬ ਫਗਵਾੜਾ ਨੇ ਮਾਤਾ ਵੈਸ਼ਨੋ
ਦੇਵੀ ਦੇ ਦਰਸ਼ਨਾਂ ਲਈ ਜੱਥੇ ਨੂੰ ਕੀਤਾ ਰਵਾਨਾ
ਆਪ ਆਗੂ ਪ੍ਰਿੰਸੀਪਲ ਪ੍ਰੇਮ ਕੁਮਾਰ ਨੇ ਬੱਸ ਨੂੰ ਦਿਖਾਈ ਝੰਡੀ
ALLIANCE CLUB PHAGWARA
ਫਗਵਾੜਾ 6 ਨਵੰਬਰ - ਕਲੱਬ ਵੱਲੋਂ ਸ਼ਰਧਾਲੂਆਂ ਦਾ ਜੱਥਾ ਮਾਤਾ ਵੈਸ਼ਨੋ ਦੇਵੀ ਦੇ ਦਰਸ਼ਨਾਂ ਲਈ ਰਵਾਨਾ ਕੀਤਾ ਗਿਆ। ਇਸ ਮੌਕੇ ਕਲੱਬ ਦੇ ਅਹੁਦੇਦਾਰ ਅਤੇ ਸ਼ਹਿਰ ਦੇ ਪਤਵੰਤੇ ਹਾਜ਼ਰ ਸਨ।
ਫਗਵਾੜਾ 6 ਨਵੰਬਰ - ਕਲੱਬ ਵੱਲੋਂ ਸ਼ਰਧਾਲੂਆਂ ਦਾ ਜੱਥਾ ਮਾਤਾ ਵੈਸ਼ਨੋ ਦੇਵੀ ਦੇ ਦਰਸ਼ਨਾਂ ਲਈ ਰਵਾਨਾ ਕੀਤਾ ਗਿਆ। ਇਸ ਮੌਕੇ ਕਲੱਬ ਦੇ ਅਹੁਦੇਦਾਰ ਅਤੇ ਸ਼ਹਿਰ ਦੇ ਪਤਵੰਤੇ ਹਾਜ਼ਰ ਸਨ।
ਫਗਵਾੜਾ 6 ਨਵੰਬਰ - ਕਲੱਬ ਵੱਲੋਂ ਸ਼ਰਧਾਲੂਆਂ ਦਾ ਜੱਥਾ ਮਾਤਾ ਵੈਸ਼ਨੋ ਦੇਵੀ ਦੇ ਦਰਸ਼ਨਾਂ ਲਈ ਰਵਾਨਾ ਕੀਤਾ ਗਿਆ। ਇਸ ਮੌਕੇ ਕਲੱਬ ਦੇ ਅਹੁਦੇਦਾਰ ਅਤੇ ਸ਼ਹਿਰ ਦੇ ਪਤਵੰਤੇ ਹਾਜ਼ਰ ਸਨ।
